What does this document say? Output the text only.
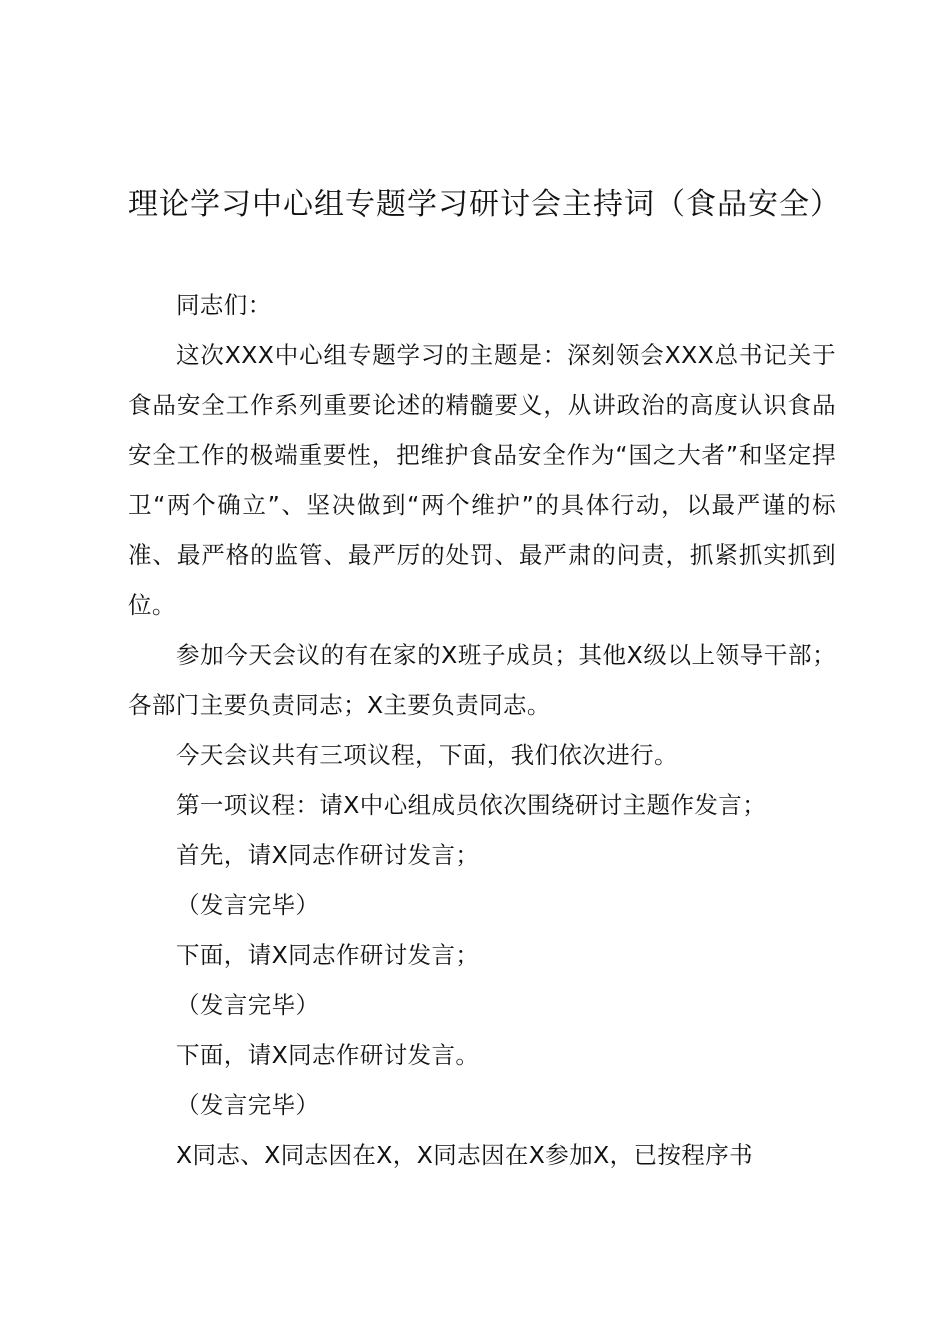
理论学习中心组专题学习研讨会主持词（食品安全）

同志们：

这次XXX中心组专题学习的主题是：深刻领会XXX总书记关于食品安全工作系列重要论述的精髓要义，从讲政治的高度认识食品安全工作的极端重要性，把维护食品安全作为“国之大者”和坚定捍卫“两个确立”、坚决做到“两个维护”的具体行动，以最严谨的标准、最严格的监管、最严厉的处罚、最严肃的问责，抓紧抓实抓到位。

参加今天会议的有在家的X班子成员；其他X级以上领导干部；各部门主要负责同志；X主要负责同志。

今天会议共有三项议程，下面，我们依次进行。

第一项议程：请X中心组成员依次围绕研讨主题作发言；

首先，请X同志作研讨发言；

（发言完毕）

下面，请X同志作研讨发言；

（发言完毕）

下面，请X同志作研讨发言。

（发言完毕）

X同志、X同志因在X，X同志因在X参加X，已按程序书
